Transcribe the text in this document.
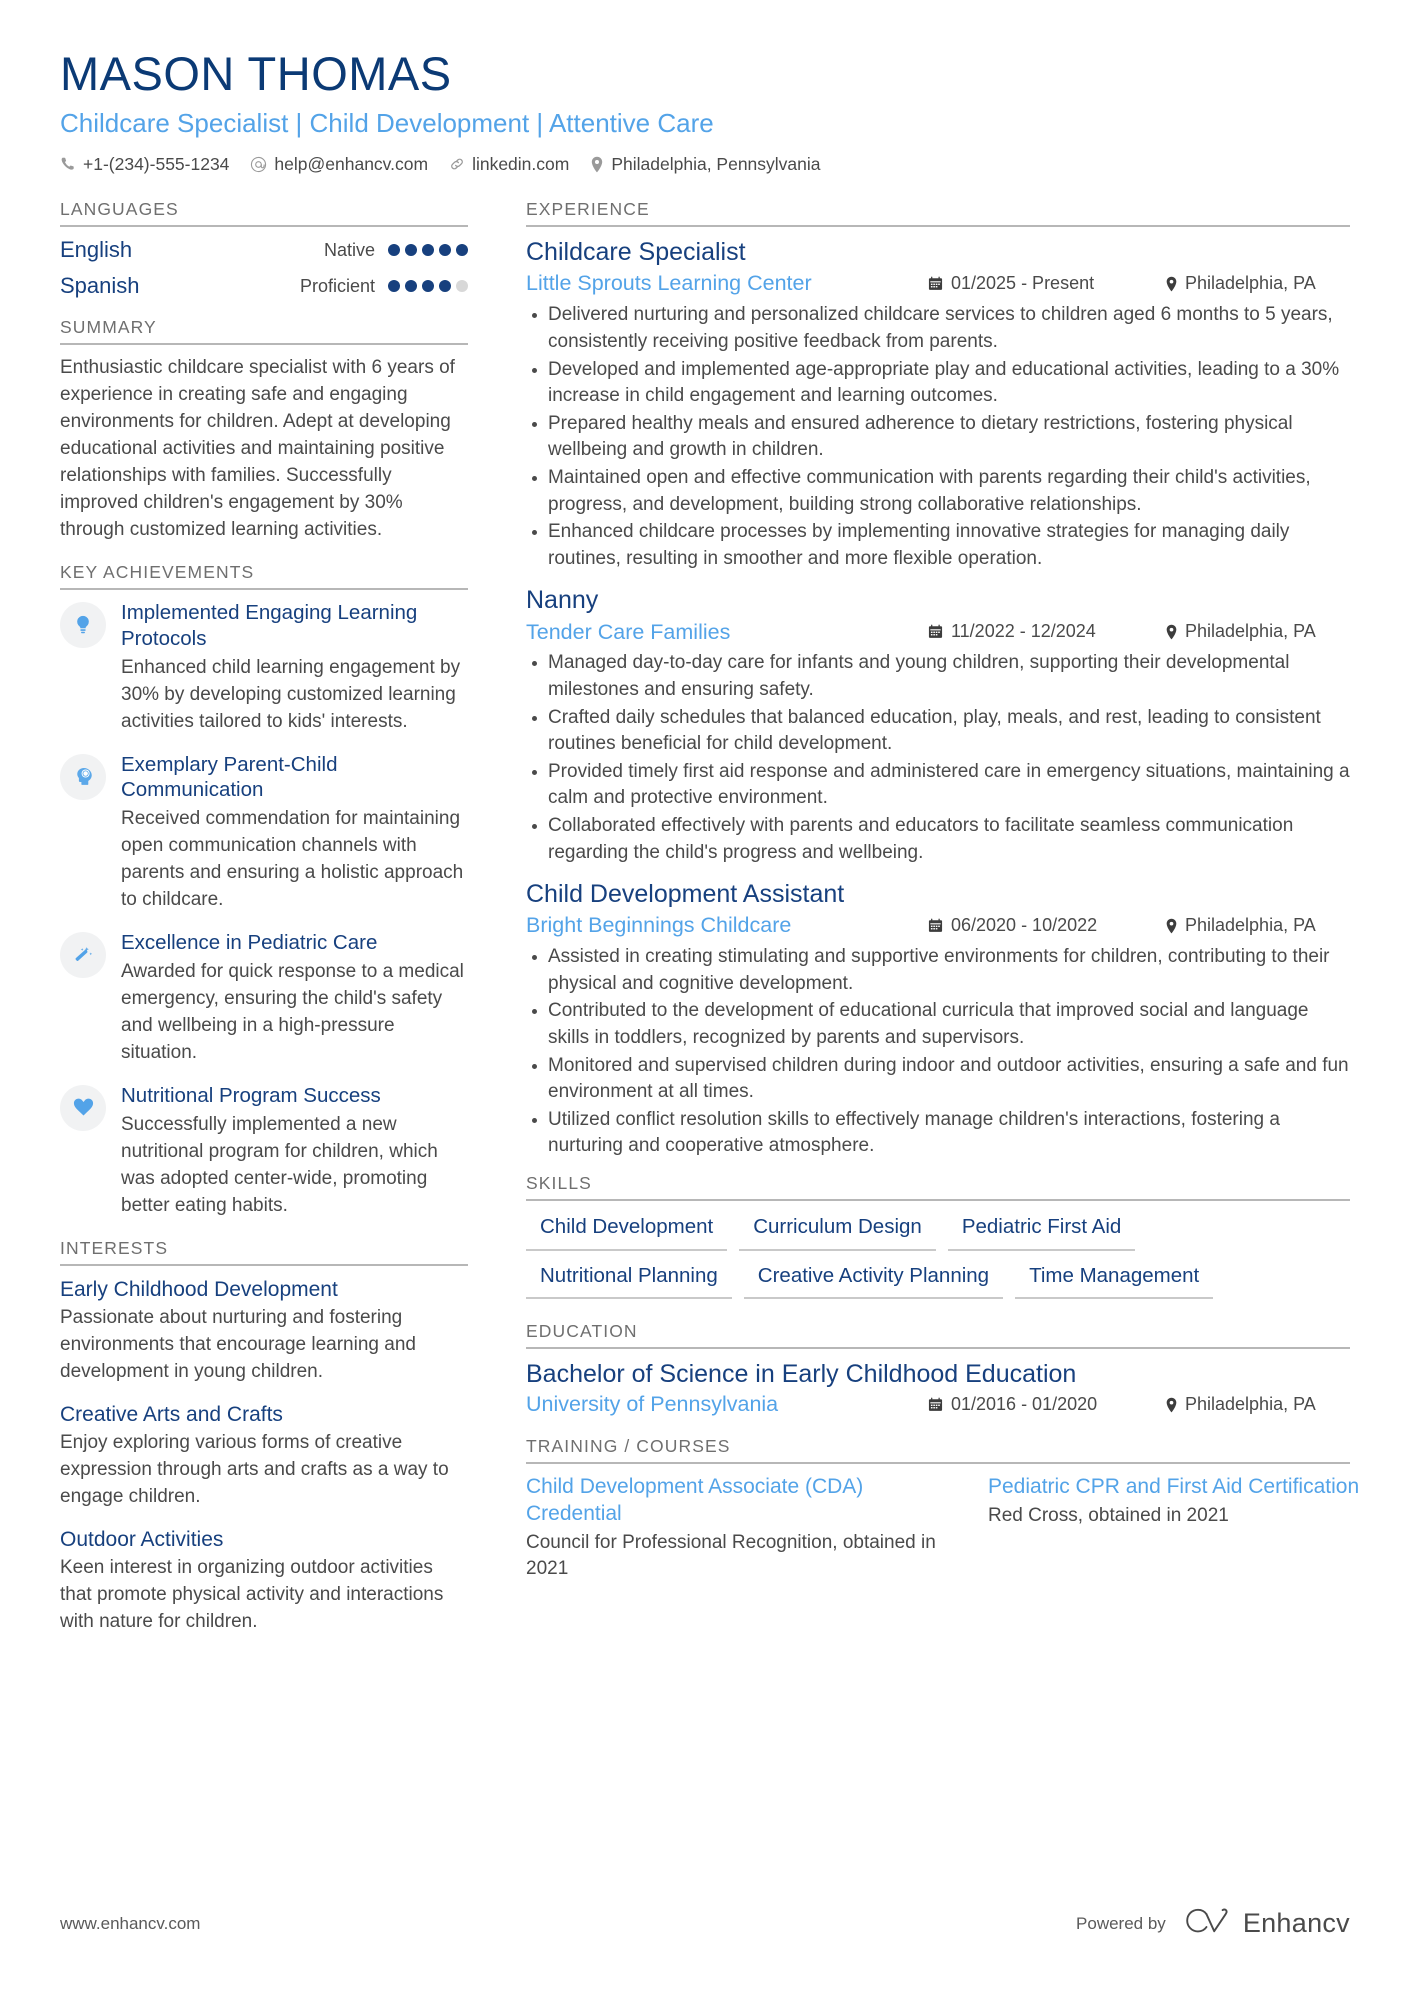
MASON THOMAS
Childcare Specialist | Child Development | Attentive Care
+1-(234)-555-1234	help@enhancv.com	linkedin.com Philadelphia, Pennsylvania
LANGUAGES
English	Native
Spanish	Proficient
SUMMARY
Enthusiastic childcare specialist with 6 years of experience in creating safe and engaging environments for children. Adept at developing educational activities and maintaining positive relationships with families. Successfully improved children's engagement by 30% through customized learning activities.
KEY ACHIEVEMENTS
Implemented Engaging Learning Protocols
Enhanced child learning engagement by 30% by developing customized learning activities tailored to kids' interests.
Exemplary Parent-Child Communication
Received commendation for maintaining open communication channels with parents and ensuring a holistic approach to childcare.
Excellence in Pediatric Care
Awarded for quick response to a medical emergency, ensuring the child's safety and wellbeing in a high-pressure situation.
Nutritional Program Success
Successfully implemented a new nutritional program for children, which was adopted center-wide, promoting better eating habits.
INTERESTS
Early Childhood Development
Passionate about nurturing and fostering environments that encourage learning and development in young children.
Creative Arts and Crafts
Enjoy exploring various forms of creative expression through arts and crafts as a way to engage children.
Outdoor Activities
Keen interest in organizing outdoor activities that promote physical activity and interactions with nature for children.
EXPERIENCE
Childcare Specialist
Little Sprouts Learning Center	01/2025 - Present	Philadelphia, PA
Delivered nurturing and personalized childcare services to children aged 6 months to 5 years, consistently receiving positive feedback from parents.
Developed and implemented age-appropriate play and educational activities, leading to a 30% increase in child engagement and learning outcomes.
Prepared healthy meals and ensured adherence to dietary restrictions, fostering physical wellbeing and growth in children.
Maintained open and effective communication with parents regarding their child's activities, progress, and development, building strong collaborative relationships.
Enhanced childcare processes by implementing innovative strategies for managing daily routines, resulting in smoother and more flexible operation.
Nanny
Tender Care Families	11/2022 - 12/2024	Philadelphia, PA
Managed day-to-day care for infants and young children, supporting their developmental milestones and ensuring safety.
Crafted daily schedules that balanced education, play, meals, and rest, leading to consistent routines beneficial for child development.
Provided timely first aid response and administered care in emergency situations, maintaining a calm and protective environment.
Collaborated effectively with parents and educators to facilitate seamless communication regarding the child's progress and wellbeing.
Child Development Assistant
Bright Beginnings Childcare	06/2020 - 10/2022	Philadelphia, PA
Assisted in creating stimulating and supportive environments for children, contributing to their physical and cognitive development.
Contributed to the development of educational curricula that improved social and language skills in toddlers, recognized by parents and supervisors.
Monitored and supervised children during indoor and outdoor activities, ensuring a safe and fun environment at all times.
Utilized conflict resolution skills to effectively manage children's interactions, fostering a nurturing and cooperative atmosphere.
SKILLS
Child Development	Curriculum Design	Pediatric First Aid
Nutritional Planning	Creative Activity Planning	Time Management
EDUCATION
Bachelor of Science in Early Childhood Education
University of Pennsylvania	01/2016 - 01/2020	Philadelphia, PA
TRAINING / COURSES
Child Development Associate (CDA) Credential
Council for Professional Recognition, obtained in 2021
Pediatric CPR and First Aid Certification
Red Cross, obtained in 2021
www.enhancv.com	Powered by	Enhancv
